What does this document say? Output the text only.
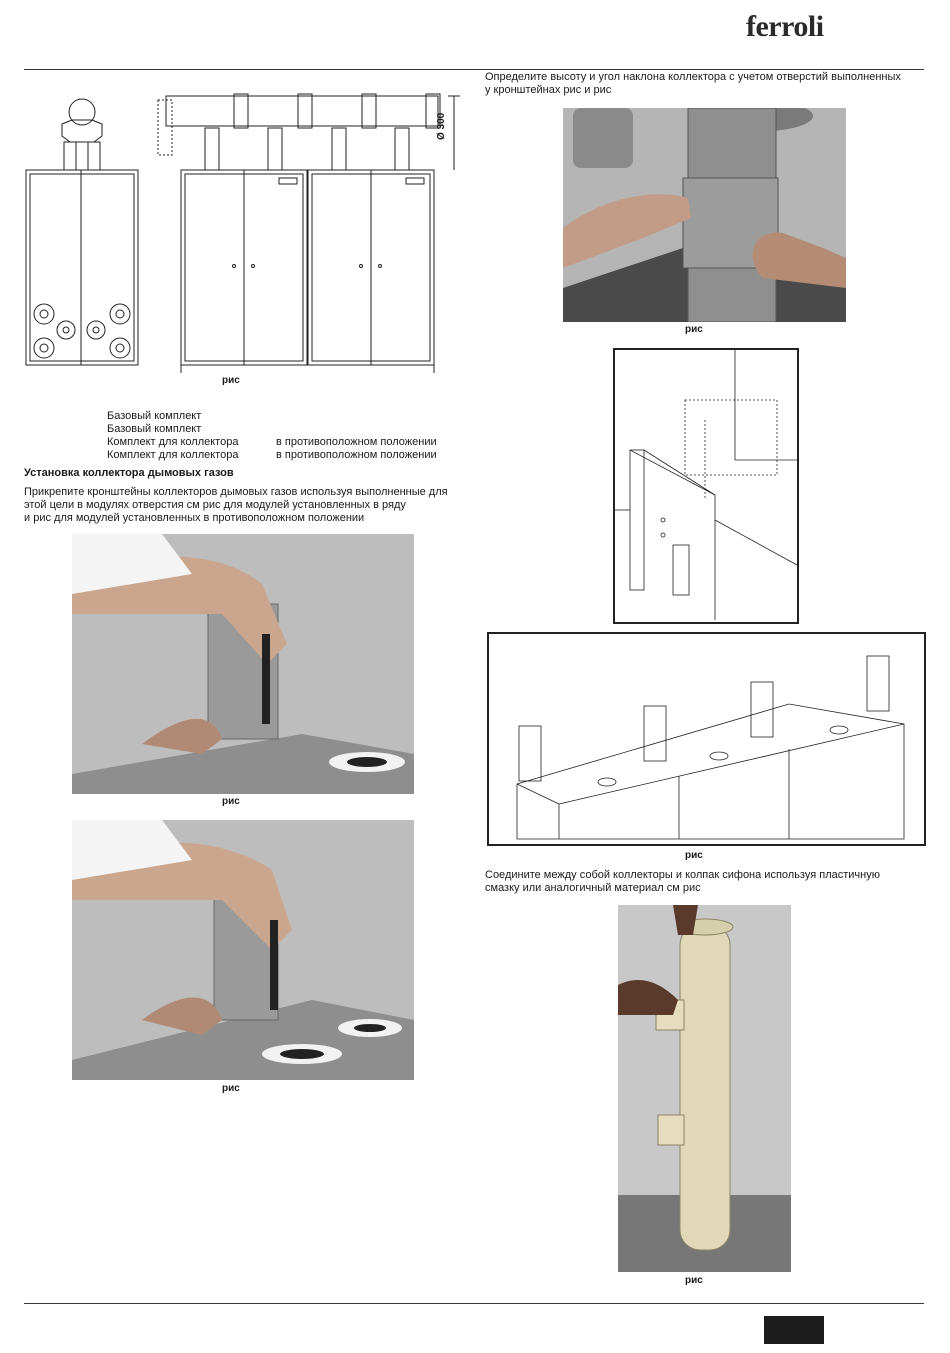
ferroli
Определите высоту и угол наклона коллектора с учетом отверстий выполненных
у кронштейнах рис и рис
Ø 300
рис
Базовый комплект
Базовый комплект
Комплект для коллектора
Комплект для коллектора
в противоположном положении
в противоположном положении
Установка коллектора дымовых газов
Прикрепите кронштейны коллекторов дымовых газов используя выполненные для
этой цели в модулях отверстия см рис для модулей установленных в ряду
и рис для модулей установленных в противоположном положении
рис
рис
рис
рис
Соедините между собой коллекторы и колпак сифона используя пластичную
смазку или аналогичный материал см рис
рис
